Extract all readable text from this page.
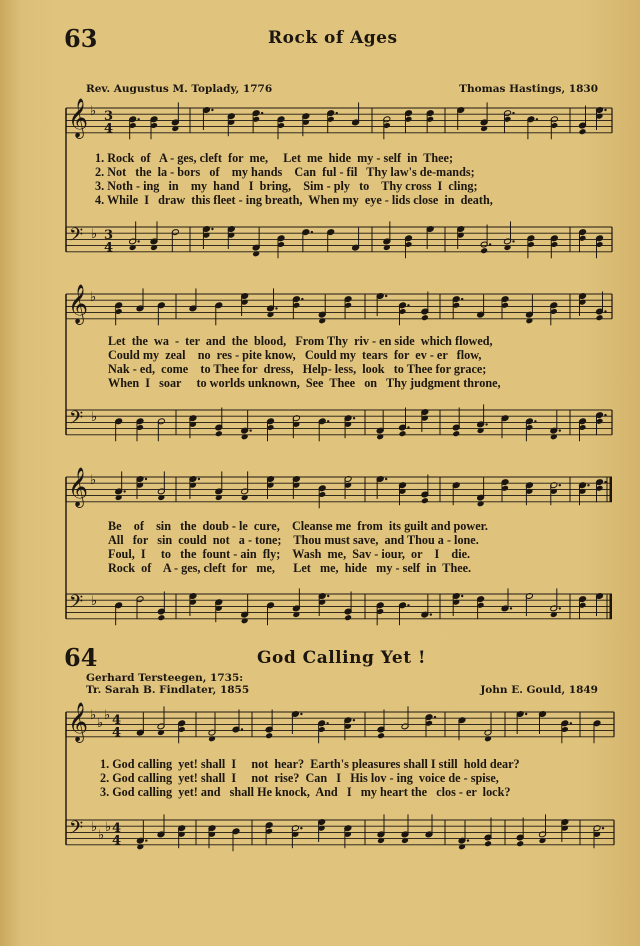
63	Rock of Ages
Rev. Augustus M. Toplady, 1776	Thomas Hastings, 1830
1. Rock  of   A - ges, cleft  for  me,     Let  me  hide  my - self  in  Thee;
2. Not   the  la - bors   of    my hands    Can  ful - fil   Thy law's de-mands;
3. Noth - ing   in    my  hand   I  bring,    Sim - ply   to    Thy cross  I  cling;
4. While  I   draw  this fleet - ing breath,  When my  eye - lids close  in  death,
Let  the  wa  -  ter  and  the  blood,   From Thy  riv - en side  which flowed,
Could my  zeal    no  res - pite know,   Could my  tears  for  ev - er   flow,
Nak - ed,  come    to Thee for  dress,   Help- less,  look   to Thee for grace;
When  I   soar     to worlds unknown,  See  Thee   on   Thy judgment throne,
Be    of    sin   the  doub - le  cure,    Cleanse me  from  its guilt and power.
All   for   sin  could  not   a - tone;    Thou must save,  and Thou a - lone.
Foul,  I     to   the  fount - ain  fly;    Wash  me,  Sav - iour,  or    I    die.
Rock  of    A - ges, cleft  for   me,      Let   me,  hide   my - self  in  Thee.
64	God Calling Yet !
Gerhard Tersteegen, 1735:
Tr. Sarah B. Findlater, 1855	John E. Gould, 1849
1. God calling  yet! shall  I     not  hear?  Earth's pleasures shall I still  hold dear?
2. God calling  yet! shall  I     not  rise?  Can   I   His lov - ing  voice de - spise,
3. God calling  yet! and   shall He knock,  And   I   my heart the   clos - er  lock?
𝄞 ♭
𝄢 ♭
3
4
3
4
𝄞 ♭
𝄢 ♭
𝄞 ♭
𝄢 ♭
𝄞 ♭
♭
♭
𝄢 ♭
♭
♭
4
4
4
4
